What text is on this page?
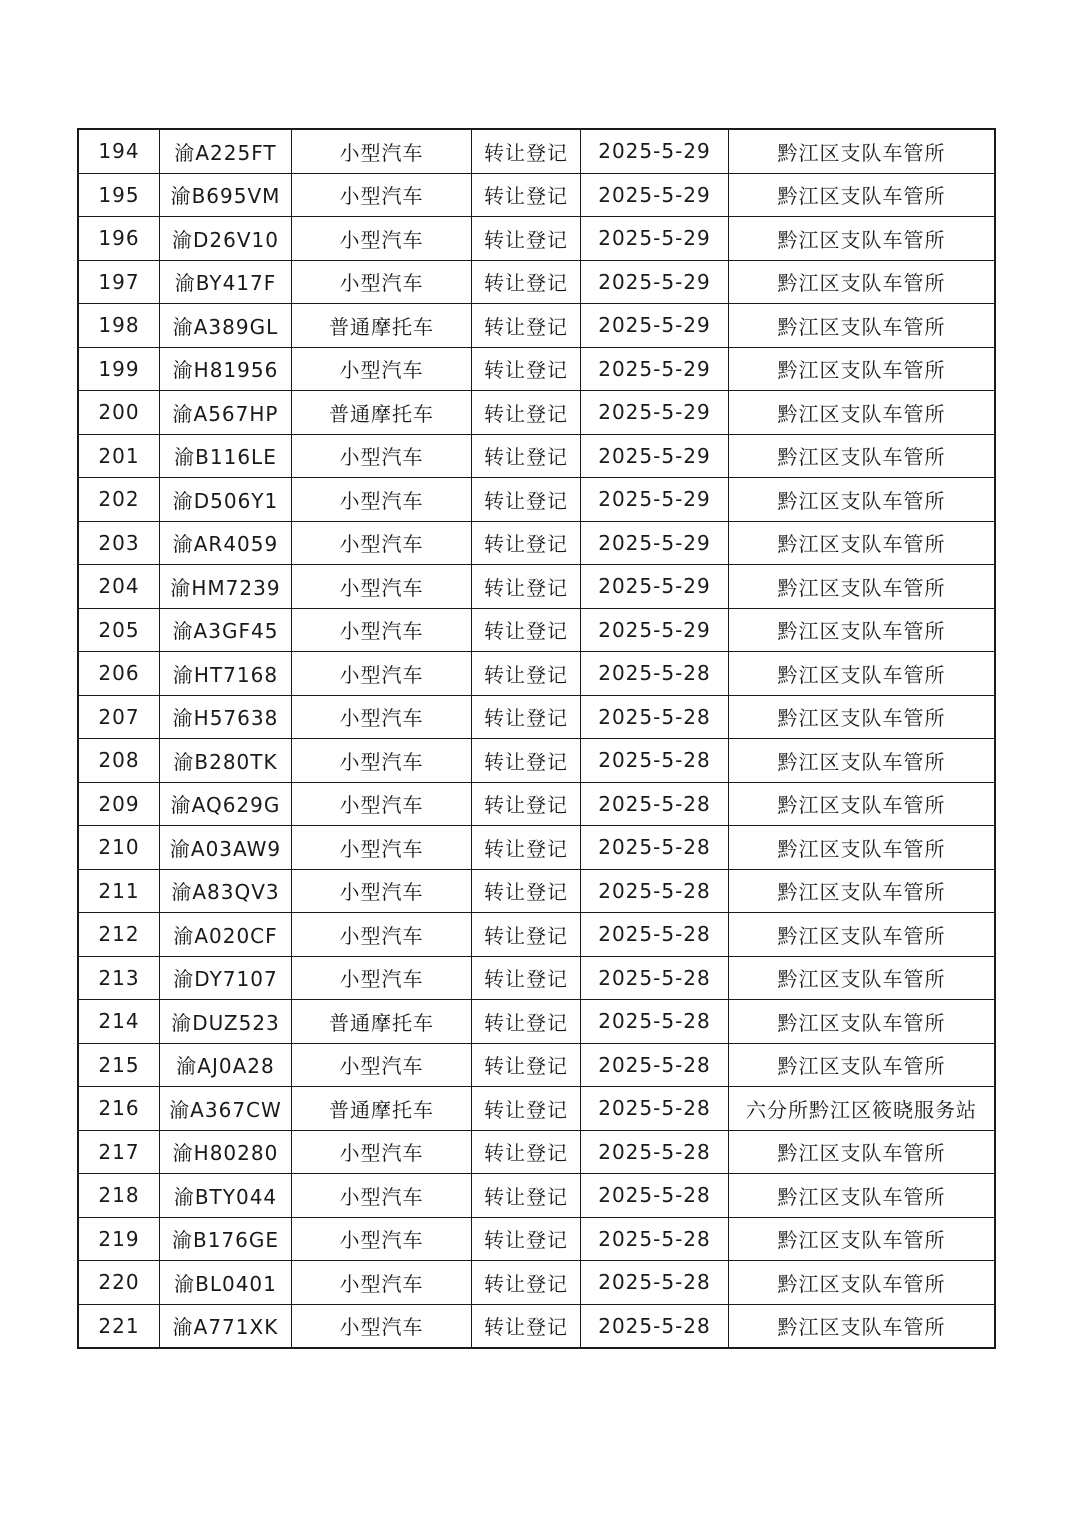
194	渝A225FT	小型汽车	转让登记	2025-5-29	黔江区支队车管所
195	渝B695VM	小型汽车	转让登记	2025-5-29	黔江区支队车管所
196	渝D26V10	小型汽车	转让登记	2025-5-29	黔江区支队车管所
197	渝BY417F	小型汽车	转让登记	2025-5-29	黔江区支队车管所
198	渝A389GL	普通摩托车	转让登记	2025-5-29	黔江区支队车管所
199	渝H81956	小型汽车	转让登记	2025-5-29	黔江区支队车管所
200	渝A567HP	普通摩托车	转让登记	2025-5-29	黔江区支队车管所
201	渝B116LE	小型汽车	转让登记	2025-5-29	黔江区支队车管所
202	渝D506Y1	小型汽车	转让登记	2025-5-29	黔江区支队车管所
203	渝AR4059	小型汽车	转让登记	2025-5-29	黔江区支队车管所
204	渝HM7239	小型汽车	转让登记	2025-5-29	黔江区支队车管所
205	渝A3GF45	小型汽车	转让登记	2025-5-29	黔江区支队车管所
206	渝HT7168	小型汽车	转让登记	2025-5-28	黔江区支队车管所
207	渝H57638	小型汽车	转让登记	2025-5-28	黔江区支队车管所
208	渝B280TK	小型汽车	转让登记	2025-5-28	黔江区支队车管所
209	渝AQ629G	小型汽车	转让登记	2025-5-28	黔江区支队车管所
210	渝A03AW9	小型汽车	转让登记	2025-5-28	黔江区支队车管所
211	渝A83QV3	小型汽车	转让登记	2025-5-28	黔江区支队车管所
212	渝A020CF	小型汽车	转让登记	2025-5-28	黔江区支队车管所
213	渝DY7107	小型汽车	转让登记	2025-5-28	黔江区支队车管所
214	渝DUZ523	普通摩托车	转让登记	2025-5-28	黔江区支队车管所
215	渝AJ0A28	小型汽车	转让登记	2025-5-28	黔江区支队车管所
216	渝A367CW	普通摩托车	转让登记	2025-5-28	六分所黔江区筱晓服务站
217	渝H80280	小型汽车	转让登记	2025-5-28	黔江区支队车管所
218	渝BTY044	小型汽车	转让登记	2025-5-28	黔江区支队车管所
219	渝B176GE	小型汽车	转让登记	2025-5-28	黔江区支队车管所
220	渝BL0401	小型汽车	转让登记	2025-5-28	黔江区支队车管所
221	渝A771XK	小型汽车	转让登记	2025-5-28	黔江区支队车管所
